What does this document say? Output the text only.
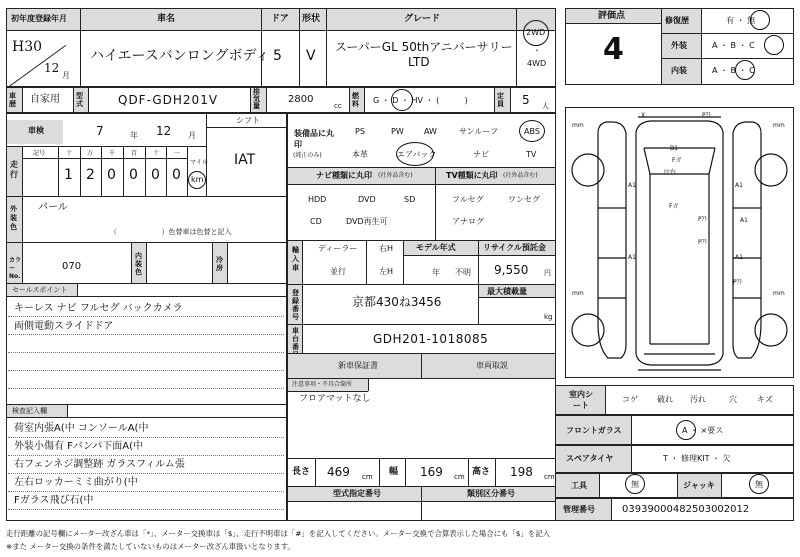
初年度登録年月
H30
12
月
車名
ハイエースバンロングボディ
ドア
5
形状
V
グレード
スーパーGL 50thアニバーサリー
LTD
2WD
・
4WD
車歴 自家用 型式	QDF-GDH201V
排気量
2800
cc
燃料 G ・ D ・ HV ・ (          )	定員 5 人
車検	7	年 12 月
シフト
IAT
走行
記号	十 万	千	百	十 一
1 2 0 0 0 0
マイル
km
外装色
パール
（                    ）色替車は色替と記入
カラーNo.
070
内装色
冷房
セールスポイント
キーレス ナビ フルセグ バックカメラ
両側電動スライドドア
検査記入欄
荷室内張A(中 コンソールA(中
外装小傷有 Fバンパ下面A(中
右フェンネジ調整跡 ガラスフィルム張
左右ロッカーミミ曲がり(中
Fガラス飛び石(中
装備品に丸印
(純正のみ)
PS	PW	AW	サンルーフ	ABS
本革	エアバック	ナビ	TV
ナビ種類に丸印 (社外品含む)	TV種類に丸印 (社外品含む)
HDD	DVD	SD
CD	DVD再生可
フルセグ	ワンセグ
アナログ
輸入車
ディーラー
並行
右H
左H
モデル年式
年 不明
リサイクル預託金
9,550 円
登録番号
京都430ね3456
最大積載量
kg
車台番
GDH201-1018085
新車保証書	車両取説
注意事項・不具合箇所
フロアマットなし
長さ 469 cm 幅 169 cm 高さ 198 cm
型式指定番号	類別区分番号
評価点
4
修復歴	有 ・ 無
外装	A ・ B ・ C
内装	A ・ B ・ C
mm	mm
mm	mm
X	Pｱﾄ
Pｱﾄ
Pｱﾄ
Pｱﾄ
B1
Fガ
ﾋﾋ右
A1	A1
A1	A1
A1
Fガ
室内シート
コゲ 破れ 汚れ	穴	キズ
フロントガラス	A ・ ×要ス
スペアタイヤ	T ・ 修理KIT ・ 欠
工具	無	ジャッキ	無
管理番号	03939000482503002012
走行距離の記号欄にメーター改ざん車は「*」、メーター交換車は「$」、走行不明車は「#」を記入してください。メーター交換で合算表示した場合にも「$」を記入
※また メーター交換の条件を満たしていないものはメーター改ざん車扱いとなります。
